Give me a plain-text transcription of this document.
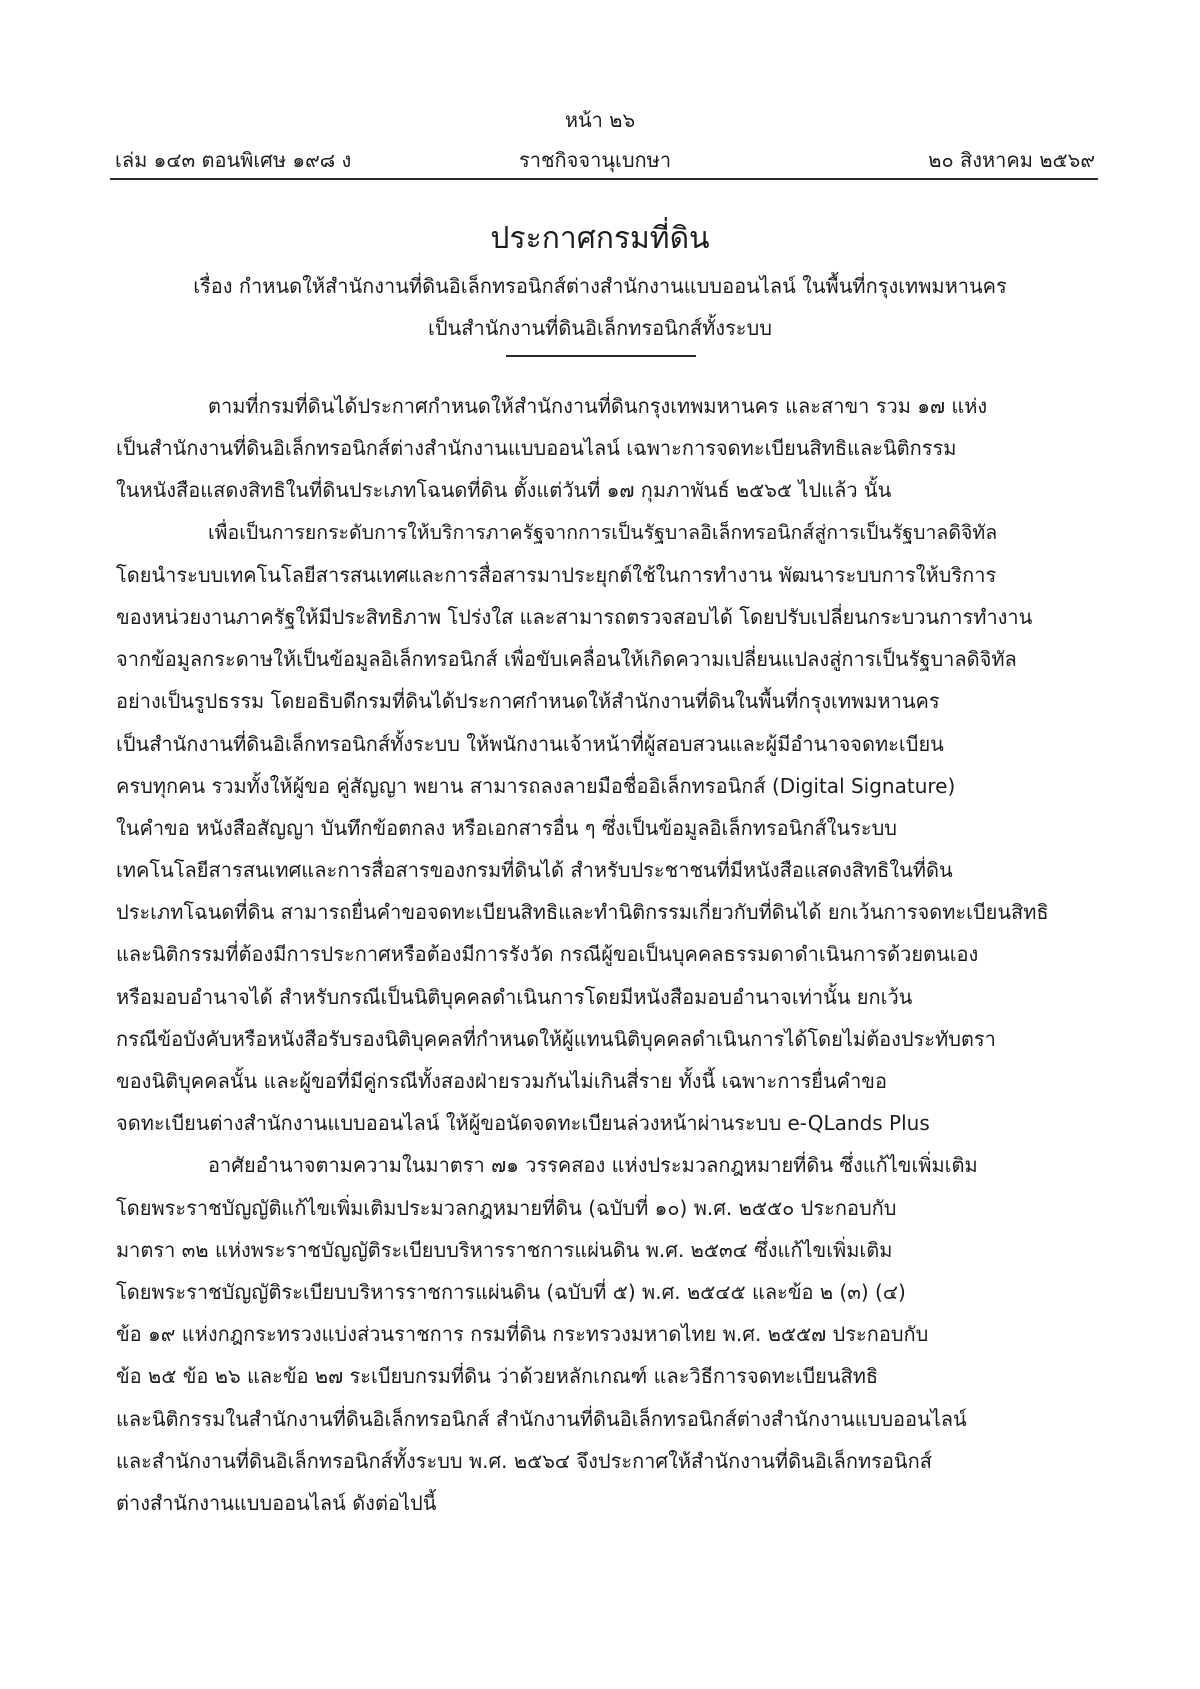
หน้า ๒๖
เล่ม ๑๔๓ ตอนพิเศษ ๑๙๘ ง	ราชกิจจานุเบกษา	๒๐ สิงหาคม ๒๕๖๙
ประกาศกรมที่ดิน
เรื่อง กำหนดให้สำนักงานที่ดินอิเล็กทรอนิกส์ต่างสำนักงานแบบออนไลน์ ในพื้นที่กรุงเทพมหานคร
เป็นสำนักงานที่ดินอิเล็กทรอนิกส์ทั้งระบบ
ตามที่กรมที่ดินได้ประกาศกำหนดให้สำนักงานที่ดินกรุงเทพมหานคร และสาขา รวม ๑๗ แห่ง
เป็นสำนักงานที่ดินอิเล็กทรอนิกส์ต่างสำนักงานแบบออนไลน์ เฉพาะการจดทะเบียนสิทธิและนิติกรรม
ในหนังสือแสดงสิทธิในที่ดินประเภทโฉนดที่ดิน ตั้งแต่วันที่ ๑๗ กุมภาพันธ์ ๒๕๖๕ ไปแล้ว นั้น
เพื่อเป็นการยกระดับการให้บริการภาครัฐจากการเป็นรัฐบาลอิเล็กทรอนิกส์สู่การเป็นรัฐบาลดิจิทัล
โดยนำระบบเทคโนโลยีสารสนเทศและการสื่อสารมาประยุกต์ใช้ในการทำงาน พัฒนาระบบการให้บริการ
ของหน่วยงานภาครัฐให้มีประสิทธิภาพ โปร่งใส และสามารถตรวจสอบได้ โดยปรับเปลี่ยนกระบวนการทำงาน
จากข้อมูลกระดาษให้เป็นข้อมูลอิเล็กทรอนิกส์ เพื่อขับเคลื่อนให้เกิดความเปลี่ยนแปลงสู่การเป็นรัฐบาลดิจิทัล
อย่างเป็นรูปธรรม โดยอธิบดีกรมที่ดินได้ประกาศกำหนดให้สำนักงานที่ดินในพื้นที่กรุงเทพมหานคร
เป็นสำนักงานที่ดินอิเล็กทรอนิกส์ทั้งระบบ ให้พนักงานเจ้าหน้าที่ผู้สอบสวนและผู้มีอำนาจจดทะเบียน
ครบทุกคน รวมทั้งให้ผู้ขอ คู่สัญญา พยาน สามารถลงลายมือชื่ออิเล็กทรอนิกส์ (Digital Signature)
ในคำขอ หนังสือสัญญา บันทึกข้อตกลง หรือเอกสารอื่น ๆ ซึ่งเป็นข้อมูลอิเล็กทรอนิกส์ในระบบ
เทคโนโลยีสารสนเทศและการสื่อสารของกรมที่ดินได้ สำหรับประชาชนที่มีหนังสือแสดงสิทธิในที่ดิน
ประเภทโฉนดที่ดิน สามารถยื่นคำขอจดทะเบียนสิทธิและทำนิติกรรมเกี่ยวกับที่ดินได้ ยกเว้นการจดทะเบียนสิทธิ
และนิติกรรมที่ต้องมีการประกาศหรือต้องมีการรังวัด กรณีผู้ขอเป็นบุคคลธรรมดาดำเนินการด้วยตนเอง
หรือมอบอำนาจได้ สำหรับกรณีเป็นนิติบุคคลดำเนินการโดยมีหนังสือมอบอำนาจเท่านั้น ยกเว้น
กรณีข้อบังคับหรือหนังสือรับรองนิติบุคคลที่กำหนดให้ผู้แทนนิติบุคคลดำเนินการได้โดยไม่ต้องประทับตรา
ของนิติบุคคลนั้น และผู้ขอที่มีคู่กรณีทั้งสองฝ่ายรวมกันไม่เกินสี่ราย ทั้งนี้ เฉพาะการยื่นคำขอ
จดทะเบียนต่างสำนักงานแบบออนไลน์ ให้ผู้ขอนัดจดทะเบียนล่วงหน้าผ่านระบบ e-QLands Plus
อาศัยอำนาจตามความในมาตรา ๗๑ วรรคสอง แห่งประมวลกฎหมายที่ดิน ซึ่งแก้ไขเพิ่มเติม
โดยพระราชบัญญัติแก้ไขเพิ่มเติมประมวลกฎหมายที่ดิน (ฉบับที่ ๑๐) พ.ศ. ๒๕๕๐ ประกอบกับ
มาตรา ๓๒ แห่งพระราชบัญญัติระเบียบบริหารราชการแผ่นดิน พ.ศ. ๒๕๓๔ ซึ่งแก้ไขเพิ่มเติม
โดยพระราชบัญญัติระเบียบบริหารราชการแผ่นดิน (ฉบับที่ ๕) พ.ศ. ๒๕๔๕ และข้อ ๒ (๓) (๔)
ข้อ ๑๙ แห่งกฎกระทรวงแบ่งส่วนราชการ กรมที่ดิน กระทรวงมหาดไทย พ.ศ. ๒๕๕๗ ประกอบกับ
ข้อ ๒๕ ข้อ ๒๖ และข้อ ๒๗ ระเบียบกรมที่ดิน ว่าด้วยหลักเกณฑ์ และวิธีการจดทะเบียนสิทธิ
และนิติกรรมในสำนักงานที่ดินอิเล็กทรอนิกส์ สำนักงานที่ดินอิเล็กทรอนิกส์ต่างสำนักงานแบบออนไลน์
และสำนักงานที่ดินอิเล็กทรอนิกส์ทั้งระบบ พ.ศ. ๒๕๖๔ จึงประกาศให้สำนักงานที่ดินอิเล็กทรอนิกส์
ต่างสำนักงานแบบออนไลน์ ดังต่อไปนี้
